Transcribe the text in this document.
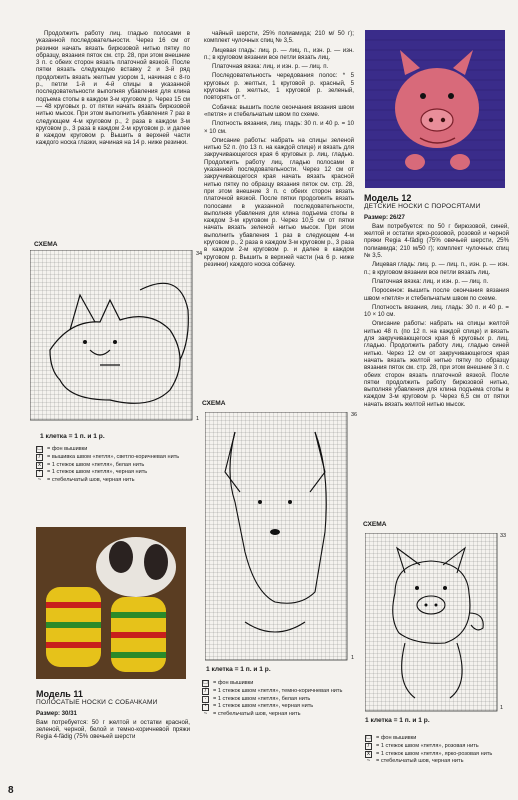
Продолжить работу лиц. гладью полосами в указанной последовательности. Через 16 см от резинки начать вязать бирюзовой нитью пятку по образцу, вязания пяток см. стр. 28, при этом внешние 3 п. с обеих сторон вязать платочной вязкой. После пятки вязать следующую вставку 2 и 3-й ряд продолжить вязать желтым узором 1, начиная с 8-го р., петли 1-й и 4-й спицы в указанной последовательности выполняя убавления для клина подъема стопы в каждом 3-м круговом р. Через 15 см — 48 круговых р. от пятки начать вязать бирюзовой нитью мысок. При этом выполнить убавления 7 раз в следующем 4-м круговом р., 2 раза в каждом 3-м круговом р., 3 раза в каждом 2-м круговом р. и далее в каждом круговом р. Вышить в верхней части каждого носка глазки, начиная на 14 р. ниже резинки.

СХЕМА
34
1
1 клетка = 1 п. и 1 р.
□	= фон вышивки
/	= вышивка швом «петля», светло-коричневая нить
x	= 1 стежок швом «петля», белая нить
•	= 1 стежок швом «петля», черная нить
~	= стебельчатый шов, черная нить
Модель 11
ПОЛОСАТЫЕ НОСКИ С СОБАЧКАМИ

Размер: 30/31

Вам потребуется: 50 г желтой и остатки красной, зеленой, черной, белой и темно-коричневой пряжи Regia 4-fädig (75% овечьей шерсти

чайный шерсти, 25% полиамида; 210 м/ 50 г); комплект чулочных спиц № 3,5.

Лицевая гладь: лиц. р. — лиц. п., изн. р. — изн. п.; в круговом вязании все петли вязать лиц.

Платочная вязка: лиц. и изн. р. — лиц. п.

Последовательность чередования полос: * 5 круговых р. желтых, 1 круговой р. красный, 5 круговых р. желтых, 1 круговой р. зеленый, повторять от *.

Собачка: вышить после окончания вязания швом «петля» и стебельчатым швом по схеме.

Плотность вязания, лиц. гладь: 30 п. и 40 р. = 10 × 10 см.

Описание работы: набрать на спицы зеленой нитью 52 п. (по 13 п. на каждой спице) и вязать для закручивающегося края 6 круговых р. лиц. гладью. Продолжить работу лиц. гладью полосами в указанной последовательности. Через 12 см от закручивающегося края начать вязать красной нитью пятку по образцу вязания пяток см. стр. 28, при этом внешние 3 п. с обеих сторон вязать платочной вязкой. После пятки продолжить вязать полосами в указанной последовательности, выполняя убавления для клина подъема стопы в каждом 3-м круговом р. Через 10,5 см от пятки начать вязать зеленой нитью мысок. При этом выполнить убавления 1 раз в следующем 4-м круговом р., 2 раза в каждом 3-м круговом р., 3 раза в каждом 2-м круговом р. и далее в каждом круговом р. Вышить в верхней части (на 6 р. ниже резинки) каждого носка собачку.

СХЕМА
36
1
1 клетка = 1 п. и 1 р.
□	= фон вышивки
/	= 1 стежок швом «петля», темно-коричневая нить
·	= 1 стежок швом «петля», белая нить
•	= 1 стежок швом «петля», черная нить
~	= стебельчатый шов, черная нить
Модель 12
ДЕТСКИЕ НОСКИ С ПОРОСЯТАМИ

Размер: 26/27

Вам потребуется: по 50 г бирюзовой, синей, желтой и остатки ярко-розовой, розовой и черной пряжи Regia 4-fädig (75% овечьей шерсти, 25% полиамида; 210 м/50 г); комплект чулочных спиц № 3,5.

Лицевая гладь: лиц. р. — лиц. п., изн. р. — изн. п.; в круговом вязании все петли вязать лиц.

Платочная вязка: лиц. и изн. р. — лиц. п.

Поросенок: вышить после окончания вязания швом «петля» и стебельчатым швом по схеме.

Плотность вязания, лиц. гладь: 30 п. и 40 р. = 10 × 10 см.

Описание работы: набрать на спицы желтой нитью 48 п. (по 12 п. на каждой спице) и вязать для закручивающегося края 6 круговых р. лиц. гладью. Продолжить работу лиц. гладью синей нитью. Через 12 см от закручивающегося края начать вязать желтой нитью пятку по образцу вязания пяток см. стр. 28, при этом внешние 3 п. с обеих сторон вязать платочной вязкой. После пятки продолжить работу бирюзовой нитью, выполняя убавления для клина подъема стопы в каждом 3-м круговом р. Через 6,5 см от пятки начать вязать желтой нитью мысок.

СХЕМА
33
1
1 клетка = 1 п. и 1 р.
□	= фон вышивки
/	= 1 стежок швом «петля», розовая нить
x	= 1 стежок швом «петля», ярко-розовая нить
~	= стебельчатый шов, черная нить
8
